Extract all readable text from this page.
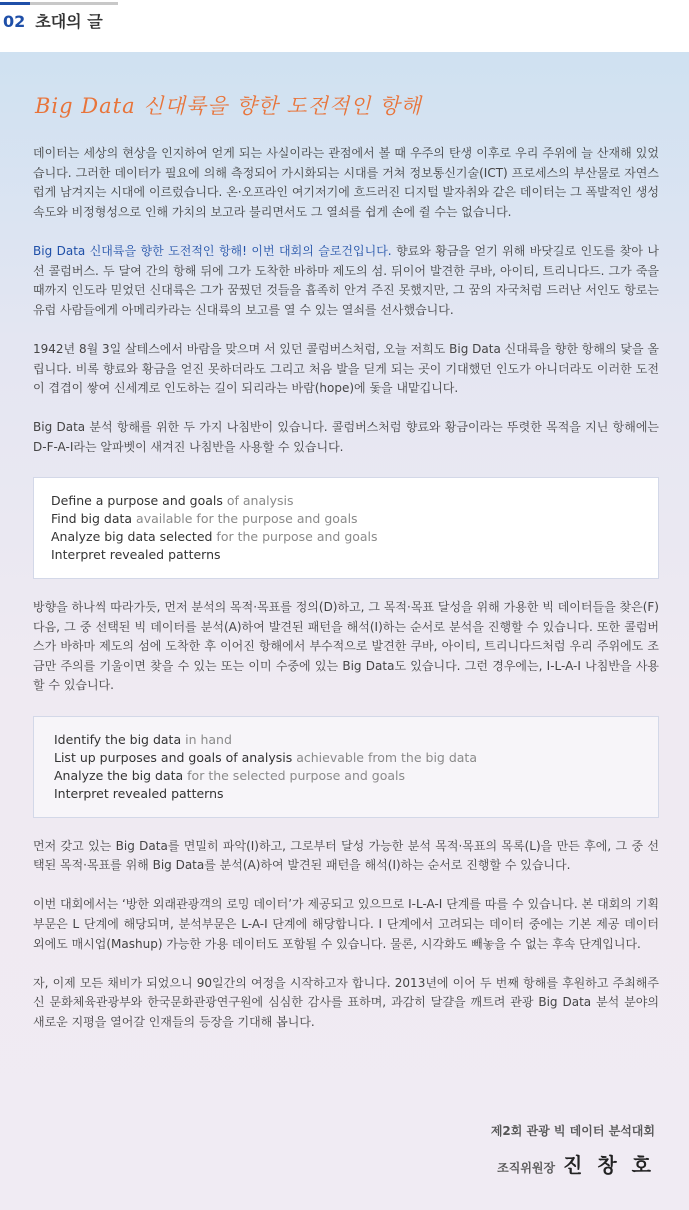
02 초대의 글
Big Data 신대륙을 향한 도전적인 항해

데이터는 세상의 현상을 인지하여 얻게 되는 사실이라는 관점에서 볼 때 우주의 탄생 이후로 우리 주위에 늘 산재해 있었습니다. 그러한 데이터가 필요에 의해 측정되어 가시화되는 시대를 거쳐 정보통신기술(ICT) 프로세스의 부산물로 자연스럽게 남겨지는 시대에 이르렀습니다. 온·오프라인 여기저기에 흐드러진 디지털 발자취와 같은 데이터는 그 폭발적인 생성 속도와 비정형성으로 인해 가치의 보고라 불리면서도 그 열쇠를 쉽게 손에 쥘 수는 없습니다.

Big Data 신대륙을 향한 도전적인 항해! 이번 대회의 슬로건입니다. 향료와 황금을 얻기 위해 바닷길로 인도를 찾아 나선 콜럼버스. 두 달여 간의 항해 뒤에 그가 도착한 바하마 제도의 섬. 뒤이어 발견한 쿠바, 아이티, 트리니다드. 그가 죽을 때까지 인도라 믿었던 신대륙은 그가 꿈꿨던 것들을 흡족히 안겨 주진 못했지만, 그 꿈의 자국처럼 드러난 서인도 항로는 유럽 사람들에게 아메리카라는 신대륙의 보고를 열 수 있는 열쇠를 선사했습니다.

1942년 8월 3일 살테스에서 바람을 맞으며 서 있던 콜럼버스처럼, 오늘 저희도 Big Data 신대륙을 향한 항해의 닻을 올립니다. 비록 향료와 황금을 얻진 못하더라도 그리고 처음 발을 딛게 되는 곳이 기대했던 인도가 아니더라도 이러한 도전이 겹겹이 쌓여 신세계로 인도하는 길이 되리라는 바람(hope)에 돛을 내맡깁니다.

Big Data 분석 항해를 위한 두 가지 나침반이 있습니다. 콜럼버스처럼 향료와 황금이라는 뚜렷한 목적을 지닌 항해에는 D-F-A-I라는 알파벳이 새겨진 나침반을 사용할 수 있습니다.

Define a purpose and goals of analysis
Find big data available for the purpose and goals
Analyze big data selected for the purpose and goals
Interpret revealed patterns

방향을 하나씩 따라가듯, 먼저 분석의 목적·목표를 정의(D)하고, 그 목적·목표 달성을 위해 가용한 빅 데이터들을 찾은(F) 다음, 그 중 선택된 빅 데이터를 분석(A)하여 발견된 패턴을 해석(I)하는 순서로 분석을 진행할 수 있습니다. 또한 콜럼버스가 바하마 제도의 섬에 도착한 후 이어진 항해에서 부수적으로 발견한 쿠바, 아이티, 트리니다드처럼 우리 주위에도 조금만 주의를 기울이면 찾을 수 있는 또는 이미 수중에 있는 Big Data도 있습니다. 그런 경우에는, I-L-A-I 나침반을 사용할 수 있습니다.

Identify the big data in hand
List up purposes and goals of analysis achievable from the big data
Analyze the big data for the selected purpose and goals
Interpret revealed patterns

먼저 갖고 있는 Big Data를 면밀히 파악(I)하고, 그로부터 달성 가능한 분석 목적·목표의 목록(L)을 만든 후에, 그 중 선택된 목적·목표를 위해 Big Data를 분석(A)하여 발견된 패턴을 해석(I)하는 순서로 진행할 수 있습니다.

이번 대회에서는 ‘방한 외래관광객의 로밍 데이터’가 제공되고 있으므로 I-L-A-I 단계를 따를 수 있습니다. 본 대회의 기획부문은 L 단계에 해당되며, 분석부문은 L-A-I 단계에 해당합니다. I 단계에서 고려되는 데이터 중에는 기본 제공 데이터 외에도 매시업(Mashup) 가능한 가용 데이터도 포함될 수 있습니다. 물론, 시각화도 빼놓을 수 없는 후속 단계입니다.

자, 이제 모든 채비가 되었으니 90일간의 여정을 시작하고자 합니다. 2013년에 이어 두 번째 항해를 후원하고 주최해주신 문화체육관광부와 한국문화관광연구원에 심심한 감사를 표하며, 과감히 달걀을 깨트려 관광 Big Data 분석 분야의 새로운 지평을 열어갈 인재들의 등장을 기대해 봅니다.

제2회 관광 빅 데이터 분석대회
조직위원장 진 창 호
